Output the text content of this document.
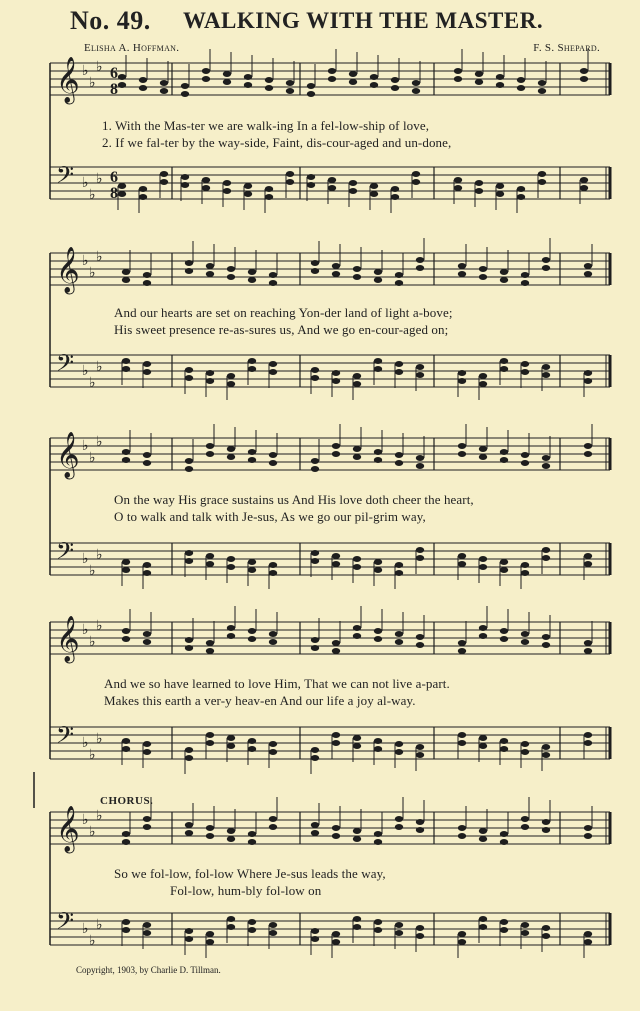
No. 49. WALKING WITH THE MASTER.
Elisha A. Hoffman.	F. S. Shepard.
𝄞 ♭
♭
♭
𝄢 ♭
♭
♭
𝄞 ♭
♭
♭
𝄢 ♭
♭
♭
𝄞 ♭
♭
♭
𝄢 ♭
♭
♭
𝄞 ♭
♭
♭
𝄢 ♭
♭
♭
𝄞 ♭
♭
♭
𝄢 ♭
♭
♭
6
8
6
8
1. With the Mas-ter we are walk-ing In a fel-low-ship of love,
2. If we fal-ter by the way-side, Faint, dis-cour-aged and un-done,
And our hearts are set on reaching Yon-der land of light a-bove;
His sweet presence re-as-sures us, And we go en-cour-aged on;
On the way His grace sustains us And His love doth cheer the heart,
O to walk and talk with Je-sus, As we go our pil-grim way,
And we so have learned to love Him, That we can not live a-part.
Makes this earth a ver-y heav-en And our life a joy al-way.
So we fol-low, fol-low Where Je-sus leads the way,
Fol-low, hum-bly fol-low on
CHORUS.
Copyright, 1903, by Charlie D. Tillman.
